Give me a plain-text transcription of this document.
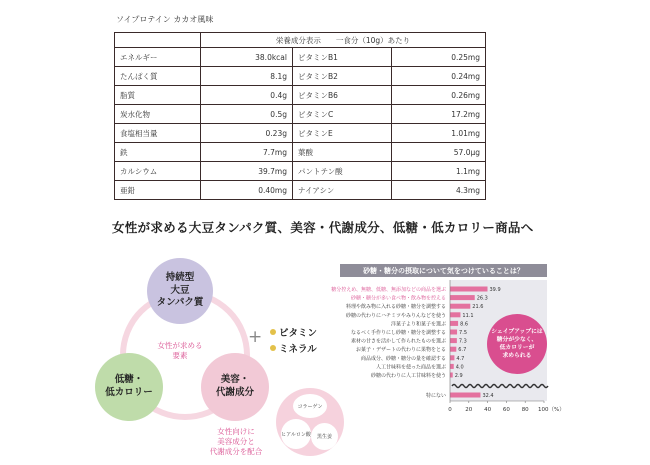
ソイプロテイン カカオ風味
	栄養成分表示　　一食分（10g）あたり		
エネルギー	38.0kcal	ビタミンB1	0.25mg
たんぱく質	8.1g	ビタミンB2	0.24mg
脂質	0.4g	ビタミンB6	0.26mg
炭水化物	0.5g	ビタミンC	17.2mg
食塩相当量	0.23g	ビタミンE	1.01mg
鉄	7.7mg	葉酸	57.0μg
カルシウム	39.7mg	パントテン酸	1.1mg
亜鉛	0.40mg	ナイアシン	4.3mg
女性が求める大豆タンパク質、美容・代謝成分、低糖・低カロリー商品へ
持続型
大豆
タンパク質
低糖・
低カロリー
美容・
代謝成分
女性が求める
要素
女性向けに
美容成分と
代謝成分を配合
+ ビタミン
ミネラル
コラーゲン
ヒアルロン酸 黒生姜
砂糖・糖分の摂取について気をつけていることは？
糖分控えめ、無糖、低糖、無添加などの商品を選ぶ	39.9
砂糖・糖分が多い食べ物・飲み物を控える	26.3
料理や飲み物に入れる砂糖・糖分を調整する	21.6
砂糖の代わりにハチミツやみりんなどを使う	11.1
洋菓子より和菓子を選ぶ	8.6
なるべく手作りにし砂糖・糖分を調整する	7.5
素材の甘さを活かして作られたものを選ぶ	7.3
お菓子・デザートの代わりに果物をとる 6.7
商品成分、砂糖・糖分の量を確認する 4.7
人工甘味料を使った商品を選ぶ 4.0
砂糖の代わりに人工甘味料を使う 2.9
特にない	32.4
0 20 40 60 80 100（%）
シェイプアップには
糖分が少なく、
低カロリーが
求められる
